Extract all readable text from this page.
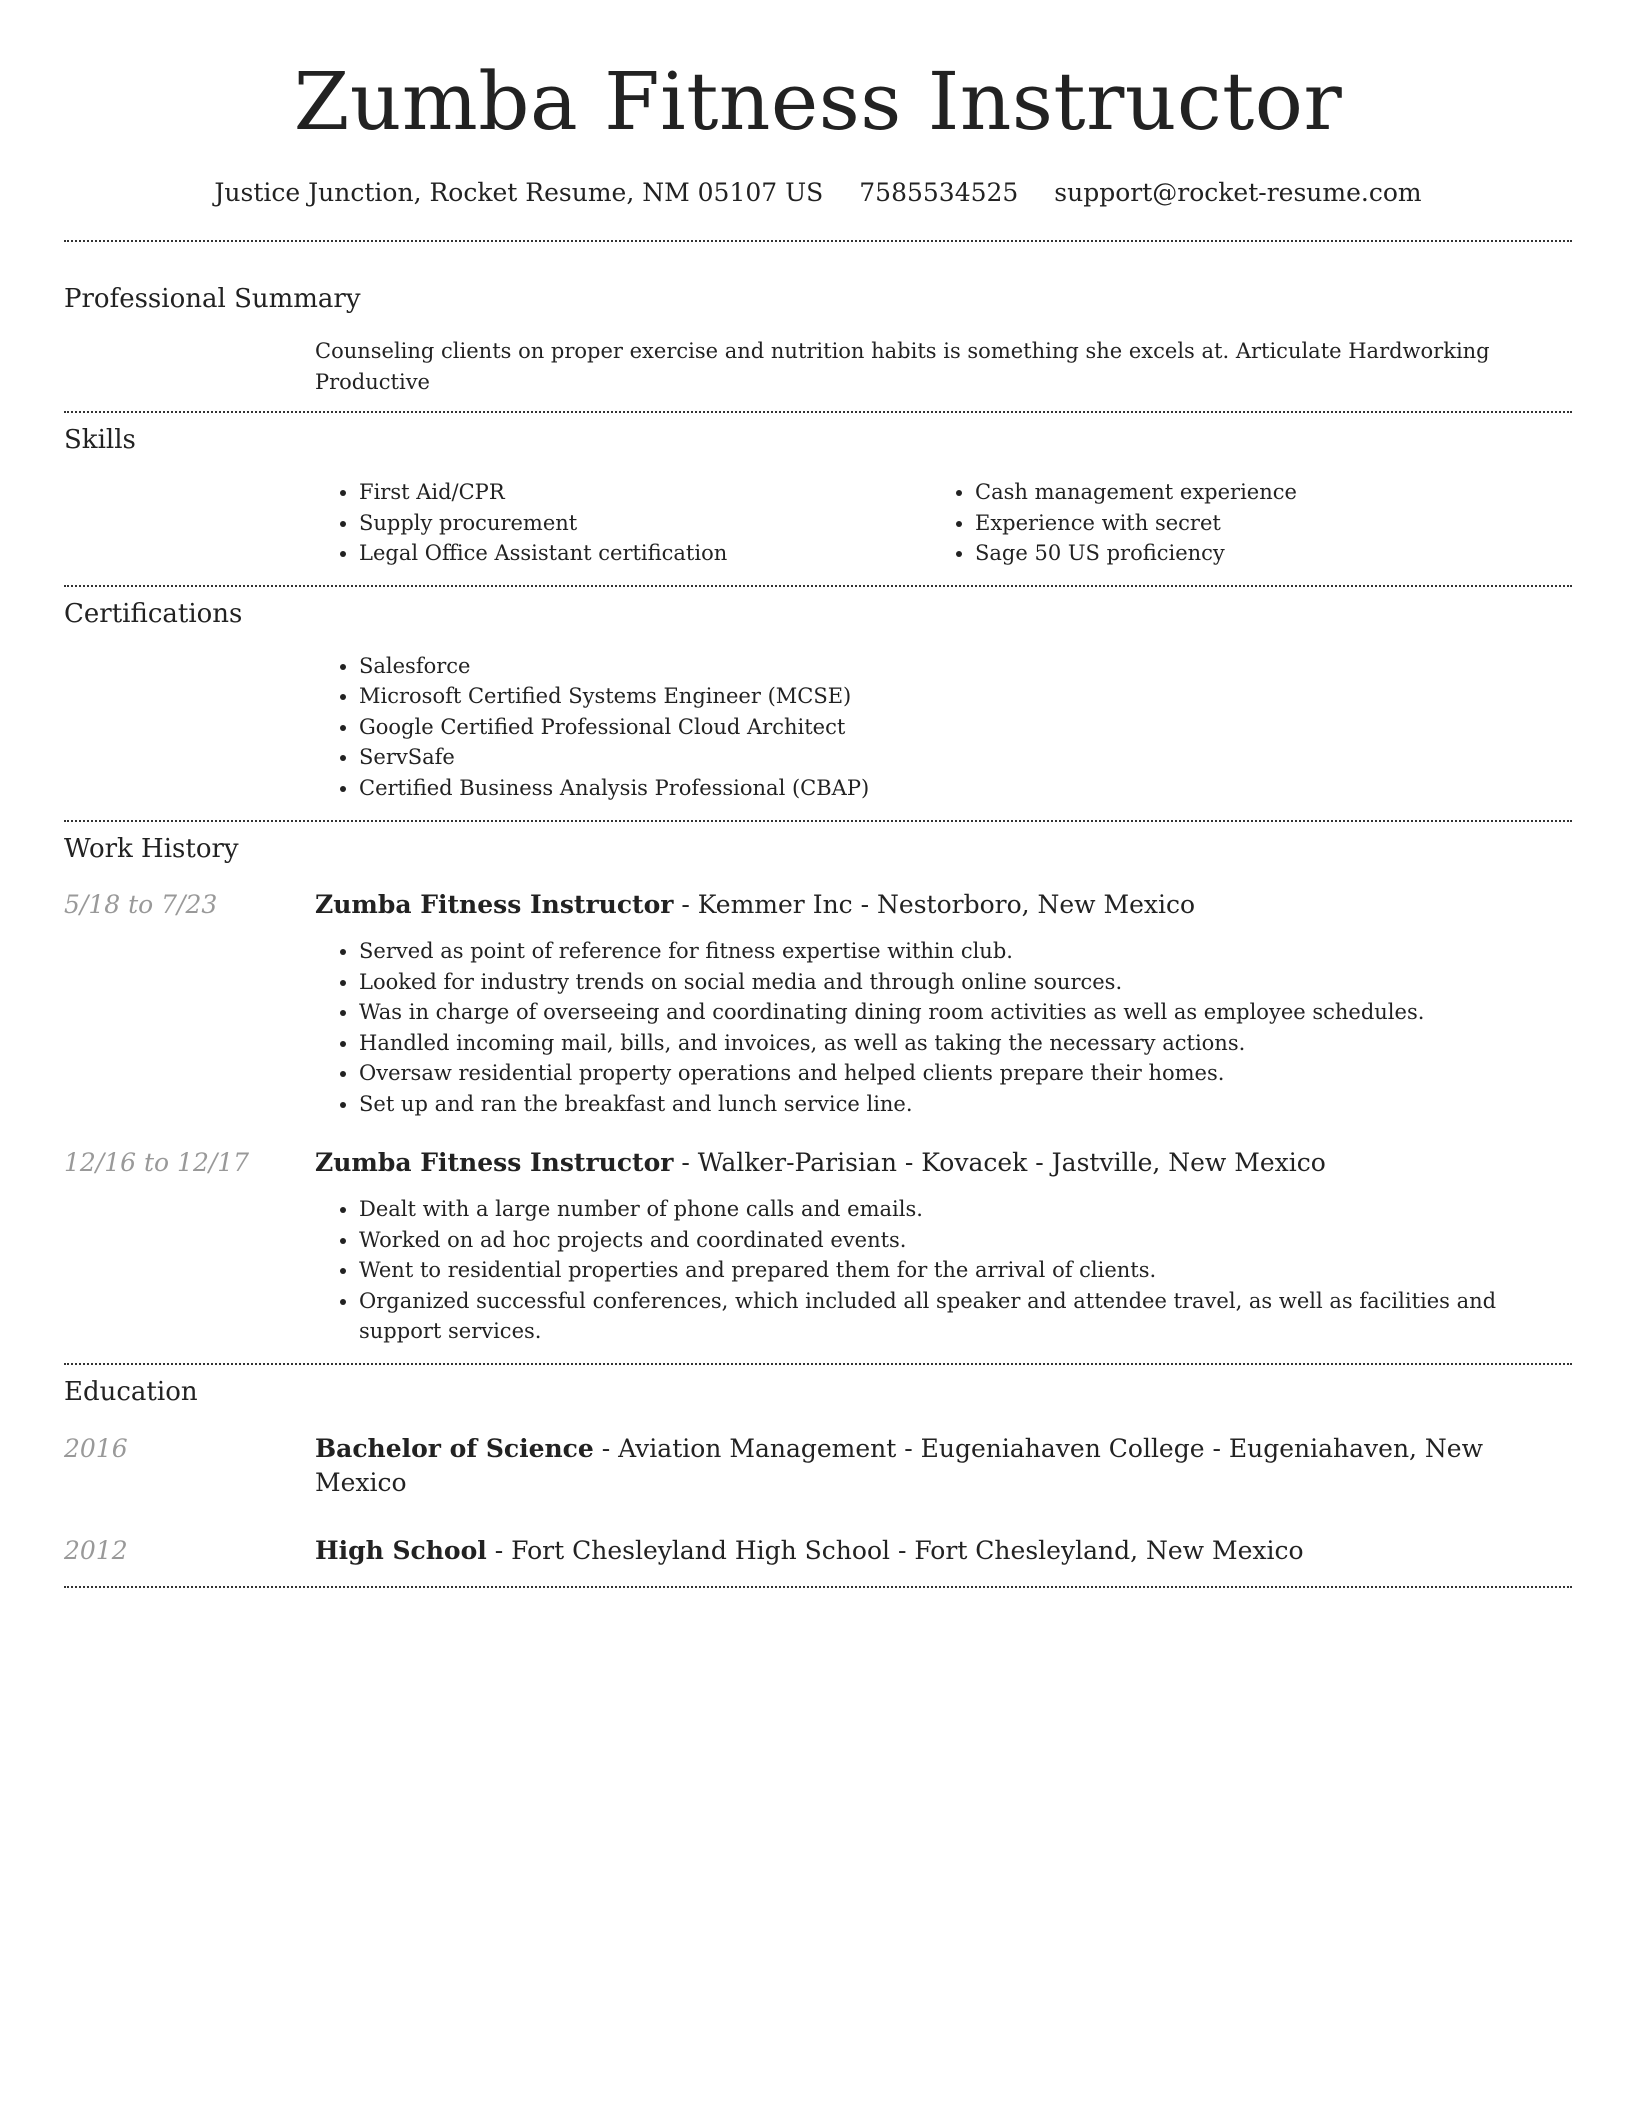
Zumba Fitness Instructor
Justice Junction, Rocket Resume, NM 05107 US 7585534525 support@rocket-resume.com
Professional Summary
Counseling clients on proper exercise and nutrition habits is something she excels at. Articulate Hardworking Productive
Skills
• First Aid/CPR
• Supply procurement
• Legal Office Assistant certification
• Cash management experience
• Experience with secret
• Sage 50 US proficiency
Certifications
• Salesforce
• Microsoft Certified Systems Engineer (MCSE)
• Google Certified Professional Cloud Architect
• ServSafe
• Certified Business Analysis Professional (CBAP)
Work History
5/18 to 7/23	Zumba Fitness Instructor - Kemmer Inc - Nestorboro, New Mexico
• Served as point of reference for fitness expertise within club.
• Looked for industry trends on social media and through online sources.
• Was in charge of overseeing and coordinating dining room activities as well as employee schedules.
• Handled incoming mail, bills, and invoices, as well as taking the necessary actions.
• Oversaw residential property operations and helped clients prepare their homes.
• Set up and ran the breakfast and lunch service line.
12/16 to 12/17	Zumba Fitness Instructor - Walker-Parisian - Kovacek - Jastville, New Mexico
• Dealt with a large number of phone calls and emails.
• Worked on ad hoc projects and coordinated events.
• Went to residential properties and prepared them for the arrival of clients.
• Organized successful conferences, which included all speaker and attendee travel, as well as facilities and support services.
Education
2016	Bachelor of Science - Aviation Management - Eugeniahaven College - Eugeniahaven, New Mexico
2012	High School - Fort Chesleyland High School - Fort Chesleyland, New Mexico
